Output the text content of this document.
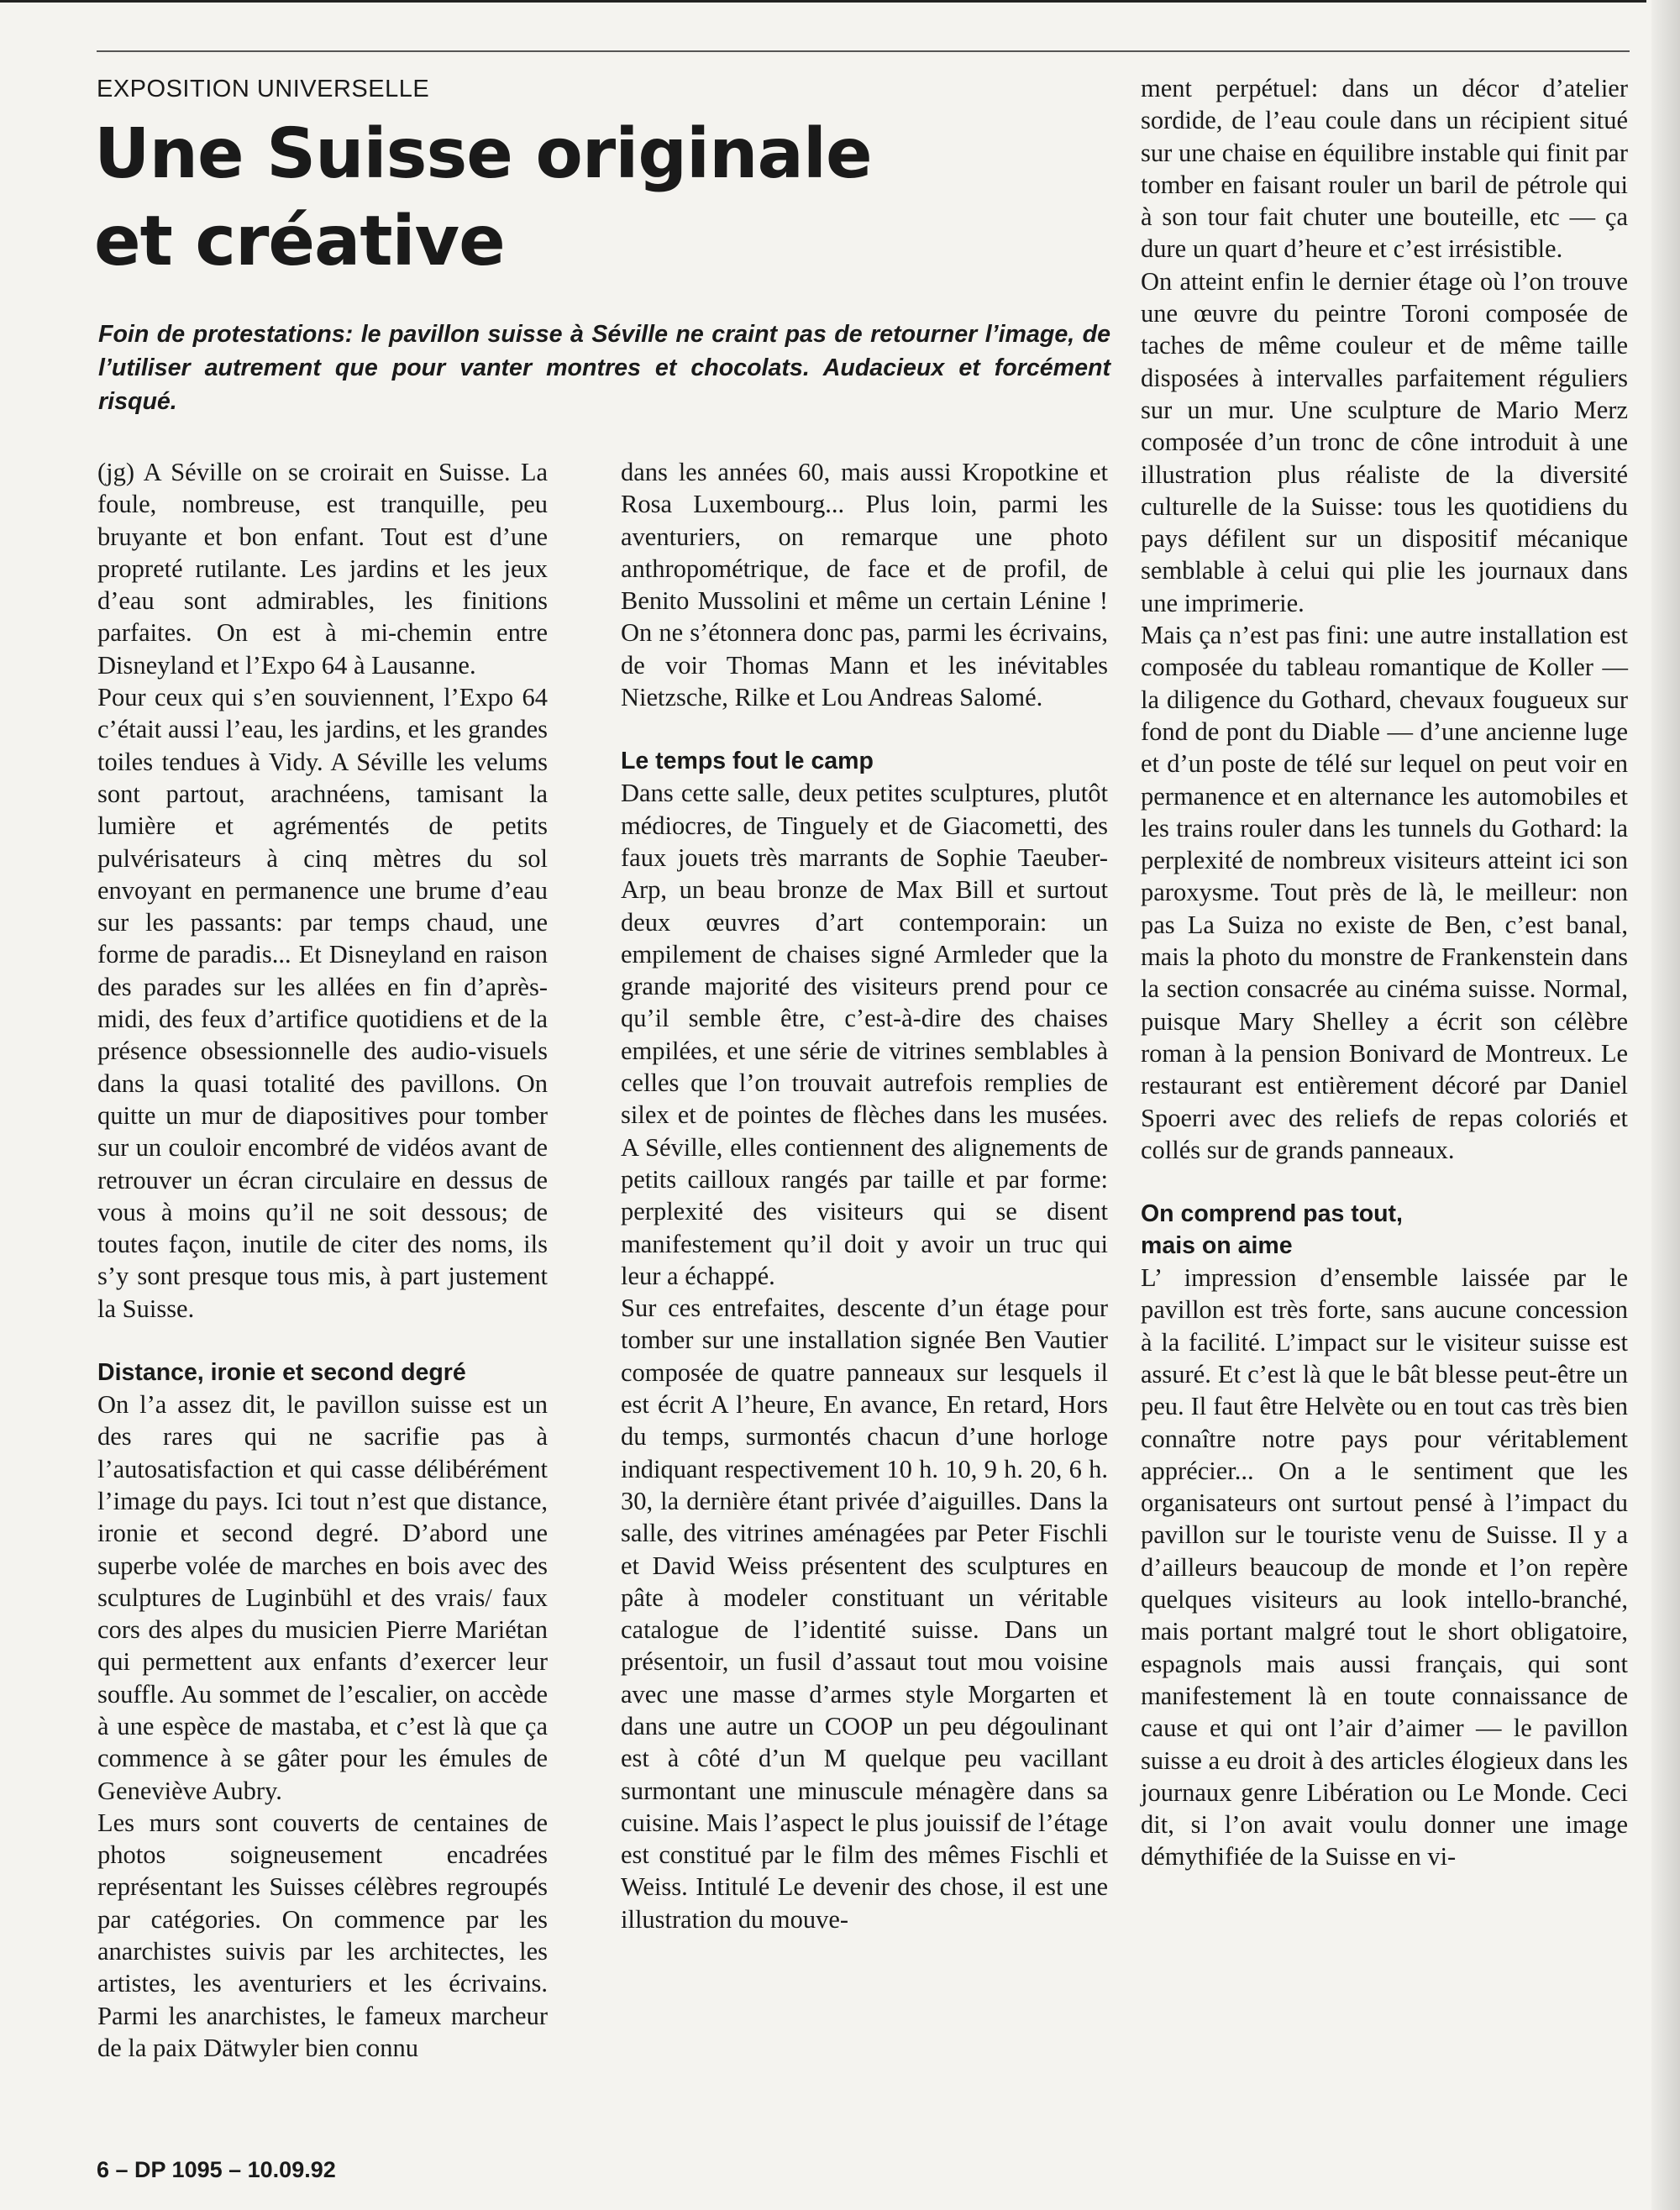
EXPOSITION UNIVERSELLE

Une Suisse originale
et créative

Foin de protestations: le pavillon suisse à Séville ne craint pas de retourner l’image, de l’utiliser autrement que pour vanter montres et chocolats. Audacieux et forcément risqué.

(jg) A Séville on se croirait en Suisse. La foule, nombreuse, est tranquille, peu bruyante et bon enfant. Tout est d’une propreté rutilante. Les jardins et les jeux d’eau sont admirables, les finitions parfaites. On est à mi-chemin entre Disneyland et l’Expo 64 à Lausanne.

Pour ceux qui s’en souviennent, l’Expo 64 c’était aussi l’eau, les jardins, et les grandes toiles tendues à Vidy. A Séville les velums sont partout, arachnéens, tamisant la lumière et agrémentés de petits pulvérisateurs à cinq mètres du sol envoyant en permanence une brume d’eau sur les passants: par temps chaud, une forme de paradis... Et Disneyland en raison des parades sur les allées en fin d’après-midi, des feux d’artifice quotidiens et de la présence obsessionnelle des audio-visuels dans la quasi totalité des pavillons. On quitte un mur de diapositives pour tomber sur un couloir encombré de vidéos avant de retrouver un écran circulaire en dessus de vous à moins qu’il ne soit dessous; de toutes façon, inutile de citer des noms, ils s’y sont presque tous mis, à part justement la Suisse.

Distance, ironie et second degré

On l’a assez dit, le pavillon suisse est un des rares qui ne sacrifie pas à l’autosatisfaction et qui casse délibérément l’image du pays. Ici tout n’est que distance, ironie et second degré. D’abord une superbe volée de marches en bois avec des sculptures de Luginbühl et des vrais/ faux cors des alpes du musicien Pierre Mariétan qui permettent aux enfants d’exercer leur souffle. Au sommet de l’escalier, on accède à une espèce de mastaba, et c’est là que ça commence à se gâter pour les émules de Geneviève Aubry.

Les murs sont couverts de centaines de photos soigneusement encadrées représentant les Suisses célèbres regroupés par catégories. On commence par les anarchistes suivis par les architectes, les artistes, les aventuriers et les écrivains. Parmi les anarchistes, le fameux marcheur de la paix Dätwyler bien connu

dans les années 60, mais aussi Kropotkine et Rosa Luxembourg... Plus loin, parmi les aventuriers, on remarque une photo anthropométrique, de face et de profil, de Benito Mussolini et même un certain Lénine ! On ne s’étonnera donc pas, parmi les écrivains, de voir Thomas Mann et les inévitables Nietzsche, Rilke et Lou Andreas Salomé.

Le temps fout le camp

Dans cette salle, deux petites sculptures, plutôt médiocres, de Tinguely et de Giacometti, des faux jouets très marrants de Sophie Taeuber-Arp, un beau bronze de Max Bill et surtout deux œuvres d’art contemporain: un empilement de chaises signé Armleder que la grande majorité des visiteurs prend pour ce qu’il semble être, c’est-à-dire des chaises empilées, et une série de vitrines semblables à celles que l’on trouvait autrefois remplies de silex et de pointes de flèches dans les musées. A Séville, elles contiennent des alignements de petits cailloux rangés par taille et par forme: perplexité des visiteurs qui se disent manifestement qu’il doit y avoir un truc qui leur a échappé.

Sur ces entrefaites, descente d’un étage pour tomber sur une installation signée Ben Vautier composée de quatre panneaux sur lesquels il est écrit A l’heure, En avance, En retard, Hors du temps, surmontés chacun d’une horloge indiquant respectivement 10 h. 10, 9 h. 20, 6 h. 30, la dernière étant privée d’aiguilles. Dans la salle, des vitrines aménagées par Peter Fischli et David Weiss présentent des sculptures en pâte à modeler constituant un véritable catalogue de l’identité suisse. Dans un présentoir, un fusil d’assaut tout mou voisine avec une masse d’armes style Morgarten et dans une autre un COOP un peu dégoulinant est à côté d’un M quelque peu vacillant surmontant une minuscule ménagère dans sa cuisine. Mais l’aspect le plus jouissif de l’étage est constitué par le film des mêmes Fischli et Weiss. Intitulé Le devenir des chose, il est une illustration du mouve-

ment perpétuel: dans un décor d’atelier sordide, de l’eau coule dans un récipient situé sur une chaise en équilibre instable qui finit par tomber en faisant rouler un baril de pétrole qui à son tour fait chuter une bouteille, etc — ça dure un quart d’heure et c’est irrésistible.

On atteint enfin le dernier étage où l’on trouve une œuvre du peintre Toroni composée de taches de même couleur et de même taille disposées à intervalles parfaitement réguliers sur un mur. Une sculpture de Mario Merz composée d’un tronc de cône introduit à une illustration plus réaliste de la diversité culturelle de la Suisse: tous les quotidiens du pays défilent sur un dispositif mécanique semblable à celui qui plie les journaux dans une imprimerie.

Mais ça n’est pas fini: une autre installation est composée du tableau romantique de Koller — la diligence du Gothard, chevaux fougueux sur fond de pont du Diable — d’une ancienne luge et d’un poste de télé sur lequel on peut voir en permanence et en alternance les automobiles et les trains rouler dans les tunnels du Gothard: la perplexité de nombreux visiteurs atteint ici son paroxysme. Tout près de là, le meilleur: non pas La Suiza no existe de Ben, c’est banal, mais la photo du monstre de Frankenstein dans la section consacrée au cinéma suisse. Normal, puisque Mary Shelley a écrit son célèbre roman à la pension Bonivard de Montreux. Le restaurant est entièrement décoré par Daniel Spoerri avec des reliefs de repas coloriés et collés sur de grands panneaux.

On comprend pas tout,
mais on aime

L’ impression d’ensemble laissée par le pavillon est très forte, sans aucune concession à la facilité. L’impact sur le visiteur suisse est assuré. Et c’est là que le bât blesse peut-être un peu. Il faut être Helvète ou en tout cas très bien connaître notre pays pour véritablement apprécier... On a le sentiment que les organisateurs ont surtout pensé à l’impact du pavillon sur le touriste venu de Suisse. Il y a d’ailleurs beaucoup de monde et l’on repère quelques visiteurs au look intello-branché, mais portant malgré tout le short obligatoire, espagnols mais aussi français, qui sont manifestement là en toute connaissance de cause et qui ont l’air d’aimer — le pavillon suisse a eu droit à des articles élogieux dans les journaux genre Libération ou Le Monde. Ceci dit, si l’on avait voulu donner une image démythifiée de la Suisse en vi-

6 – DP 1095 – 10.09.92
